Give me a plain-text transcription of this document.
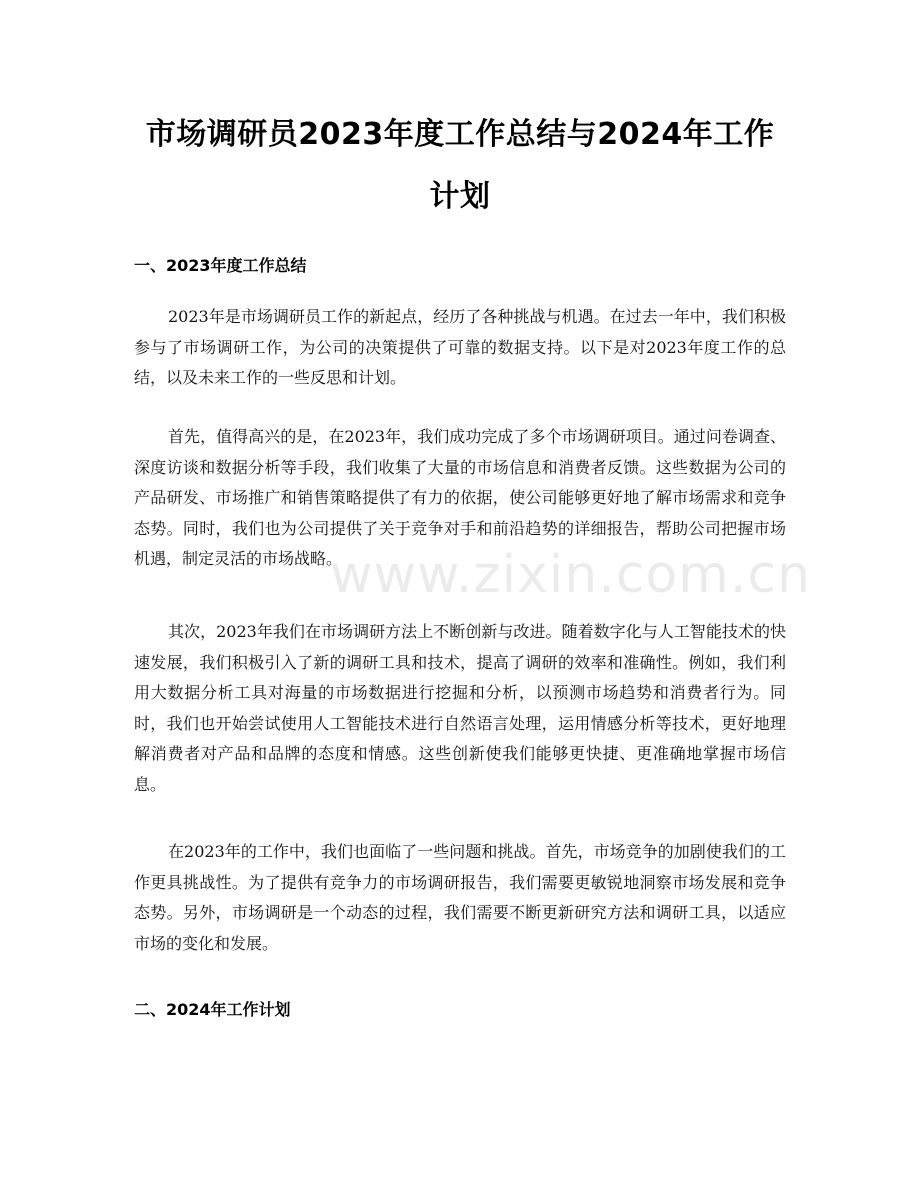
市场调研员2023年度工作总结与2024年工作计划
一、2023年度工作总结

2023年是市场调研员工作的新起点，经历了各种挑战与机遇。在过去一年中，我们积极参与了市场调研工作，为公司的决策提供了可靠的数据支持。以下是对2023年度工作的总结，以及未来工作的一些反思和计划。

首先，值得高兴的是，在2023年，我们成功完成了多个市场调研项目。通过问卷调查、深度访谈和数据分析等手段，我们收集了大量的市场信息和消费者反馈。这些数据为公司的产品研发、市场推广和销售策略提供了有力的依据，使公司能够更好地了解市场需求和竞争态势。同时，我们也为公司提供了关于竞争对手和前沿趋势的详细报告，帮助公司把握市场机遇，制定灵活的市场战略。

其次，2023年我们在市场调研方法上不断创新与改进。随着数字化与人工智能技术的快速发展，我们积极引入了新的调研工具和技术，提高了调研的效率和准确性。例如，我们利用大数据分析工具对海量的市场数据进行挖掘和分析，以预测市场趋势和消费者行为。同时，我们也开始尝试使用人工智能技术进行自然语言处理，运用情感分析等技术，更好地理解消费者对产品和品牌的态度和情感。这些创新使我们能够更快捷、更准确地掌握市场信息。

在2023年的工作中，我们也面临了一些问题和挑战。首先，市场竞争的加剧使我们的工作更具挑战性。为了提供有竞争力的市场调研报告，我们需要更敏锐地洞察市场发展和竞争态势。另外，市场调研是一个动态的过程，我们需要不断更新研究方法和调研工具，以适应市场的变化和发展。

二、2024年工作计划
www.zixin.com.cn
